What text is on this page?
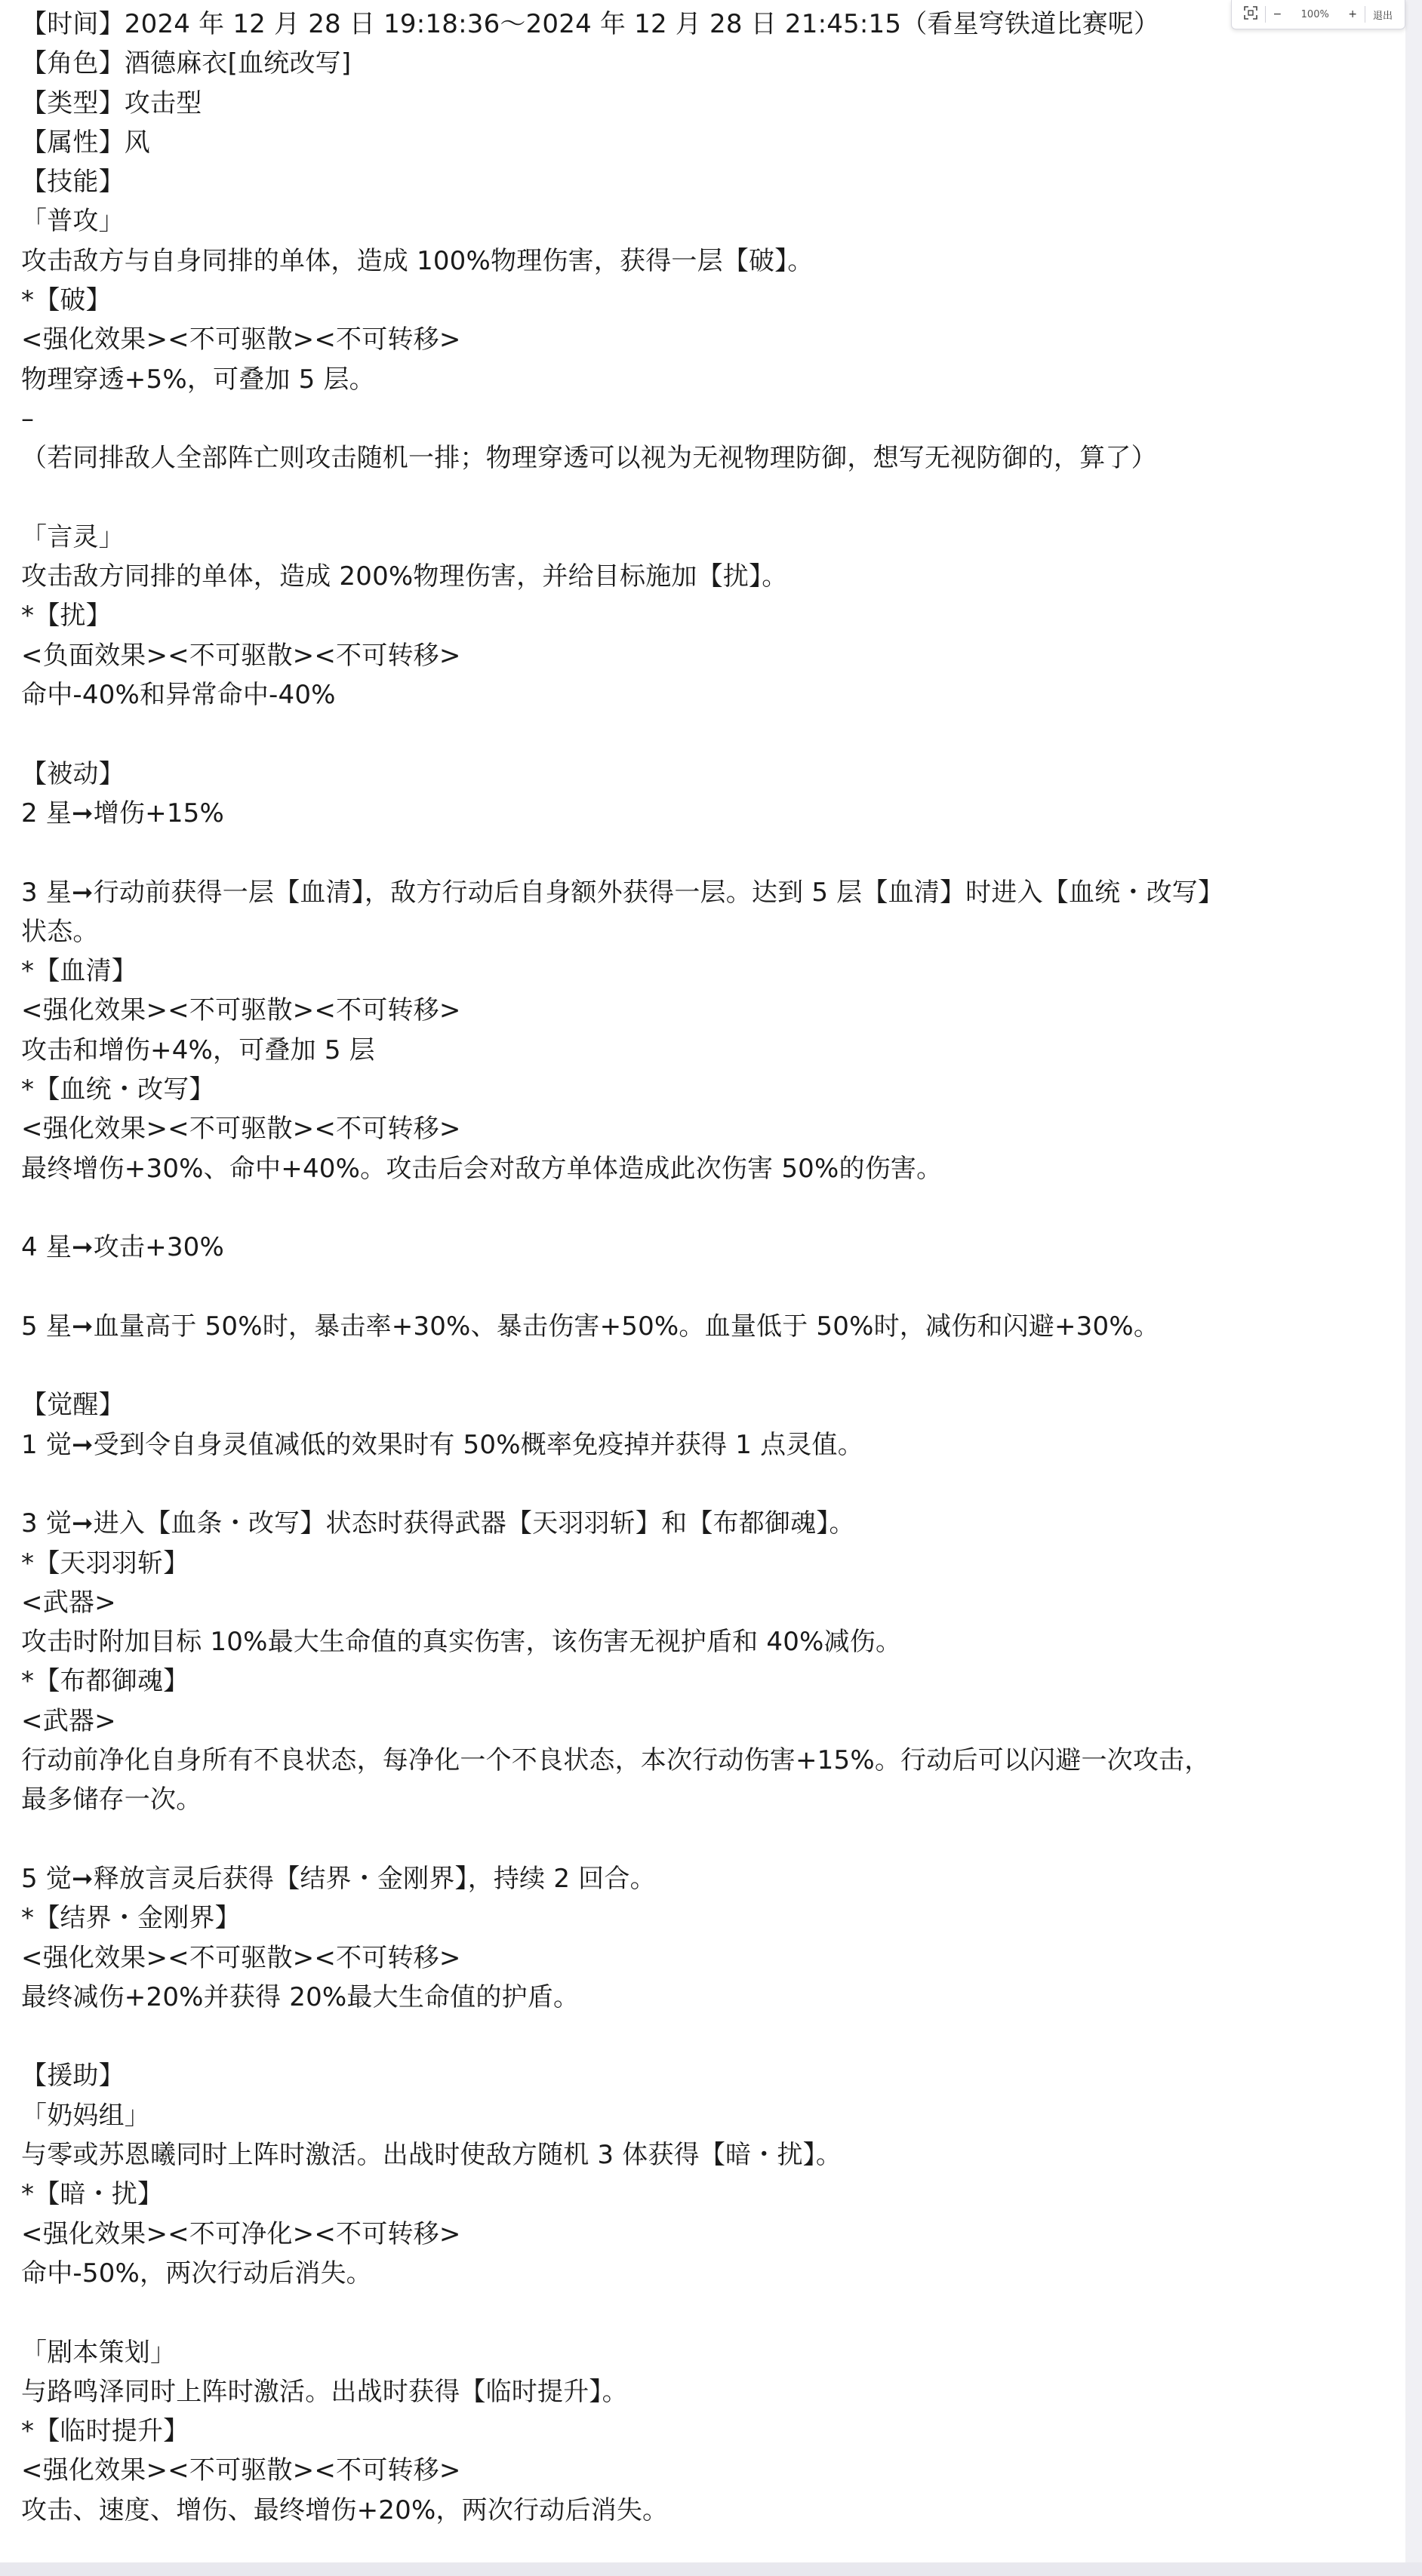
【时间】2024 年 12 月 28 日 19:18:36～2024 年 12 月 28 日 21:45:15（看星穹铁道比赛呢）
【角色】酒德麻衣[血统改写]
【类型】攻击型
【属性】风
【技能】
「普攻」
攻击敌方与自身同排的单体，造成 100%物理伤害，获得一层【破】。
*【破】
<强化效果><不可驱散><不可转移>
物理穿透+5%，可叠加 5 层。
–
（若同排敌人全部阵亡则攻击随机一排；物理穿透可以视为无视物理防御，想写无视防御的，算了）
「言灵」
攻击敌方同排的单体，造成 200%物理伤害，并给目标施加【扰】。
*【扰】
<负面效果><不可驱散><不可转移>
命中-40%和异常命中-40%
【被动】
2 星➞增伤+15%
3 星➞行动前获得一层【血清】，敌方行动后自身额外获得一层。达到 5 层【血清】时进入【血统・改写】
状态。
*【血清】
<强化效果><不可驱散><不可转移>
攻击和增伤+4%，可叠加 5 层
*【血统・改写】
<强化效果><不可驱散><不可转移>
最终增伤+30%、命中+40%。攻击后会对敌方单体造成此次伤害 50%的伤害。
4 星➞攻击+30%
5 星➞血量高于 50%时，暴击率+30%、暴击伤害+50%。血量低于 50%时，减伤和闪避+30%。
【觉醒】
1 觉➞受到令自身灵值减低的效果时有 50%概率免疫掉并获得 1 点灵值。
3 觉➞进入【血条・改写】状态时获得武器【天羽羽斩】和【布都御魂】。
*【天羽羽斩】
<武器>
攻击时附加目标 10%最大生命值的真实伤害，该伤害无视护盾和 40%减伤。
*【布都御魂】
<武器>
行动前净化自身所有不良状态，每净化一个不良状态，本次行动伤害+15%。行动后可以闪避一次攻击，
最多储存一次。
5 觉➞释放言灵后获得【结界・金刚界】，持续 2 回合。
*【结界・金刚界】
<强化效果><不可驱散><不可转移>
最终减伤+20%并获得 20%最大生命值的护盾。
【援助】
「奶妈组」
与零或苏恩曦同时上阵时激活。出战时使敌方随机 3 体获得【暗・扰】。
*【暗・扰】
<强化效果><不可净化><不可转移>
命中-50%，两次行动后消失。
「剧本策划」
与路鸣泽同时上阵时激活。出战时获得【临时提升】。
*【临时提升】
<强化效果><不可驱散><不可转移>
攻击、速度、增伤、最终增伤+20%，两次行动后消失。
−	100%	+	退出
